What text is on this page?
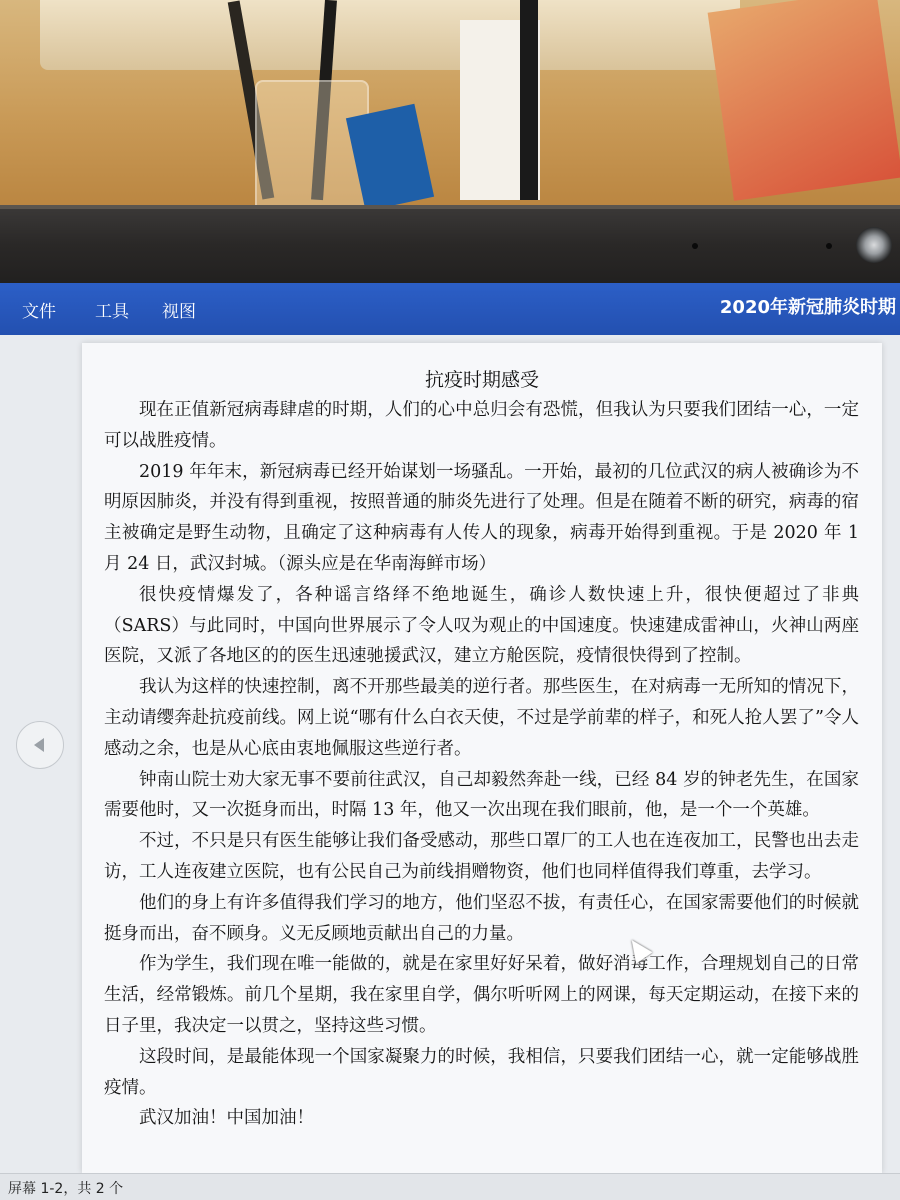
文件 工具 视图	2020年新冠肺炎时期
抗疫时期感受

现在正值新冠病毒肆虐的时期，人们的心中总归会有恐慌，但我认为只要我们团结一心，一定可以战胜疫情。

2019 年年末，新冠病毒已经开始谋划一场骚乱。一开始，最初的几位武汉的病人被确诊为不明原因肺炎，并没有得到重视，按照普通的肺炎先进行了处理。但是在随着不断的研究，病毒的宿主被确定是野生动物，且确定了这种病毒有人传人的现象，病毒开始得到重视。于是 2020 年 1 月 24 日，武汉封城。（源头应是在华南海鲜市场）

很快疫情爆发了，各种谣言络绎不绝地诞生，确诊人数快速上升，很快便超过了非典（SARS）与此同时，中国向世界展示了令人叹为观止的中国速度。快速建成雷神山，火神山两座医院，又派了各地区的的医生迅速驰援武汉，建立方舱医院，疫情很快得到了控制。

我认为这样的快速控制，离不开那些最美的逆行者。那些医生，在对病毒一无所知的情况下，主动请缨奔赴抗疫前线。网上说“哪有什么白衣天使，不过是学前辈的样子，和死人抢人罢了”令人感动之余，也是从心底由衷地佩服这些逆行者。

钟南山院士劝大家无事不要前往武汉，自己却毅然奔赴一线，已经 84 岁的钟老先生，在国家需要他时，又一次挺身而出，时隔 13 年，他又一次出现在我们眼前，他，是一个一个英雄。

不过，不只是只有医生能够让我们备受感动，那些口罩厂的工人也在连夜加工，民警也出去走访，工人连夜建立医院，也有公民自己为前线捐赠物资，他们也同样值得我们尊重，去学习。

他们的身上有许多值得我们学习的地方，他们坚忍不拔，有责任心，在国家需要他们的时候就挺身而出，奋不顾身。义无反顾地贡献出自己的力量。

作为学生，我们现在唯一能做的，就是在家里好好呆着，做好消毒工作，合理规划自己的日常生活，经常锻炼。前几个星期，我在家里自学，偶尔听听网上的网课，每天定期运动，在接下来的日子里，我决定一以贯之，坚持这些习惯。

这段时间，是最能体现一个国家凝聚力的时候，我相信，只要我们团结一心，就一定能够战胜疫情。

武汉加油！中国加油！

屏幕 1-2，共 2 个
